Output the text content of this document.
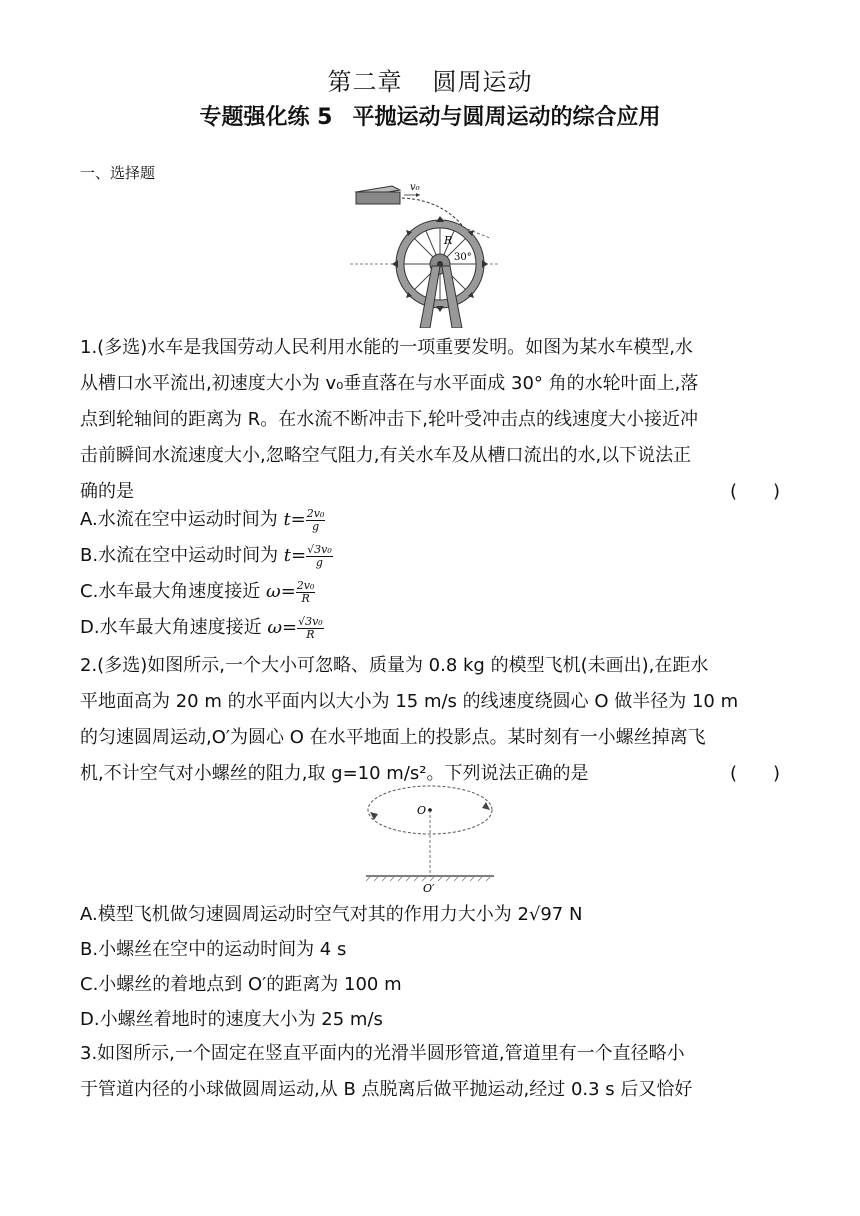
第二章 圆周运动
专题强化练 5 平抛运动与圆周运动的综合应用
一、选择题
v₀
R
30°
1.(多选)水车是我国劳动人民利用水能的一项重要发明。如图为某水车模型,水
从槽口水平流出,初速度大小为 v₀垂直落在与水平面成 30° 角的水轮叶面上,落
点到轮轴间的距离为 R。在水流不断冲击下,轮叶受冲击点的线速度大小接近冲
击前瞬间水流速度大小,忽略空气阻力,有关水车及从槽口流出的水,以下说法正
确的是	(　　)
A.水流在空中运动时间为 $t= \frac{\text{2v₀}}{g}$
B.水流在空中运动时间为 $t= \frac{\text{√3v₀}}{g}$
C.水车最大角速度接近 $\omega= \frac{\text{2v₀}}{R}$
D.水车最大角速度接近 $\omega= \frac{\text{√3v₀}}{R}$
2.(多选)如图所示,一个大小可忽略、质量为 0.8 kg 的模型飞机(未画出),在距水
平地面高为 20 m 的水平面内以大小为 15 m/s 的线速度绕圆心 O 做半径为 10 m
的匀速圆周运动,O′为圆心 O 在水平地面上的投影点。某时刻有一小螺丝掉离飞
机,不计空气对小螺丝的阻力,取 g=10 m/s²。下列说法正确的是	(　　)
O
O′
A.模型飞机做匀速圆周运动时空气对其的作用力大小为 2√97 N
B.小螺丝在空中的运动时间为 4 s
C.小螺丝的着地点到 O′的距离为 100 m
D.小螺丝着地时的速度大小为 25 m/s
3.如图所示,一个固定在竖直平面内的光滑半圆形管道,管道里有一个直径略小
于管道内径的小球做圆周运动,从 B 点脱离后做平抛运动,经过 0.3 s 后又恰好
